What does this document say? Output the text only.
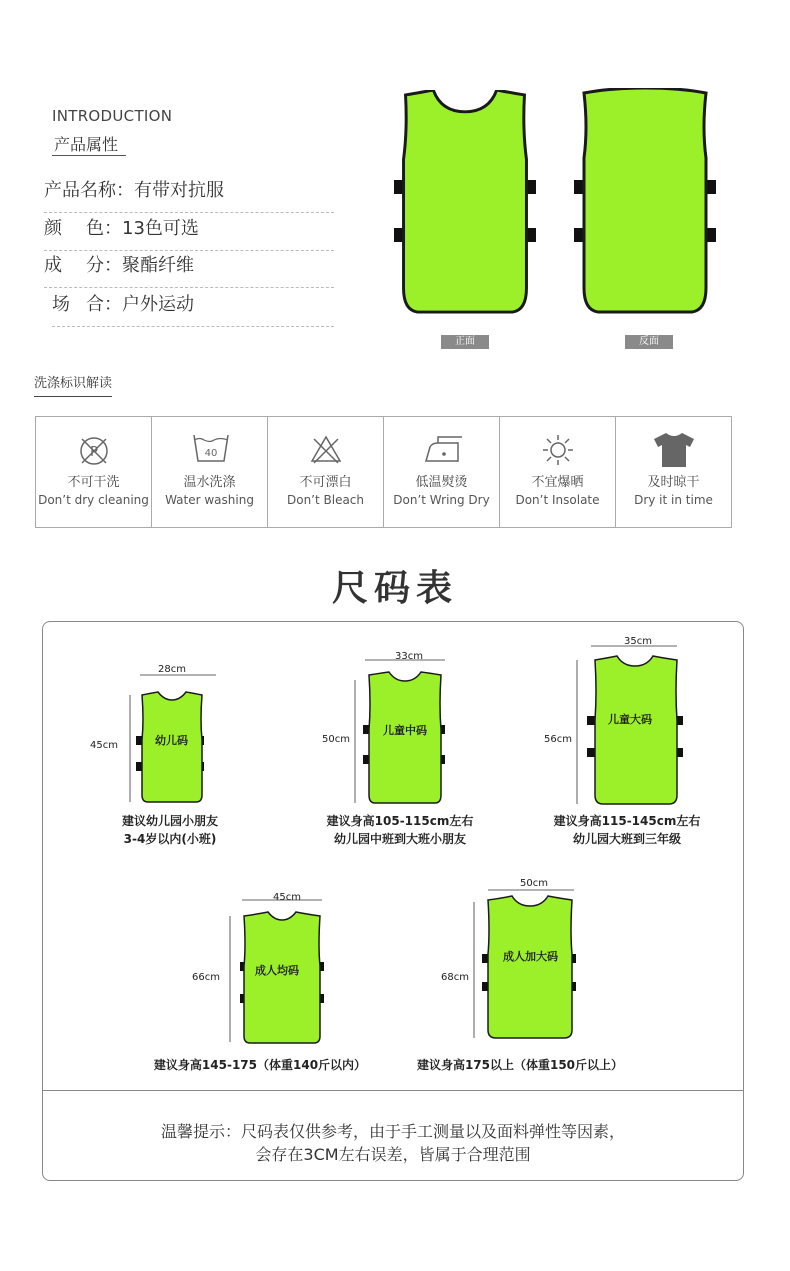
INTRODUCTION
产品属性
产品名称：有带对抗服
颜色：13色可选
成分：聚酯纤维
场合：户外运动
正面	反面
洗涤标识解读
P
不可干洗
Don’t dry cleaning
40
温水洗涤
Water washing
不可漂白
Don’t Bleach
低温熨烫
Don’t Wring Dry
不宜爆晒
Don’t Insolate
及时晾干
Dry it in time
尺码表
28cm
45cm	幼儿码
建议幼儿园小朋友
3-4岁以内(小班)
33cm
50cm
儿童中码
建议身高105-115cm左右
幼儿园中班到大班小朋友
35cm
56cm
儿童大码
建议身高115-145cm左右
幼儿园大班到三年级
45cm
66cm
成人均码
建议身高145-175（体重140斤以内）
50cm
68cm
成人加大码
建议身高175以上（体重150斤以上）
温馨提示：尺码表仅供参考，由于手工测量以及面料弹性等因素，
会存在3CM左右误差，皆属于合理范围
